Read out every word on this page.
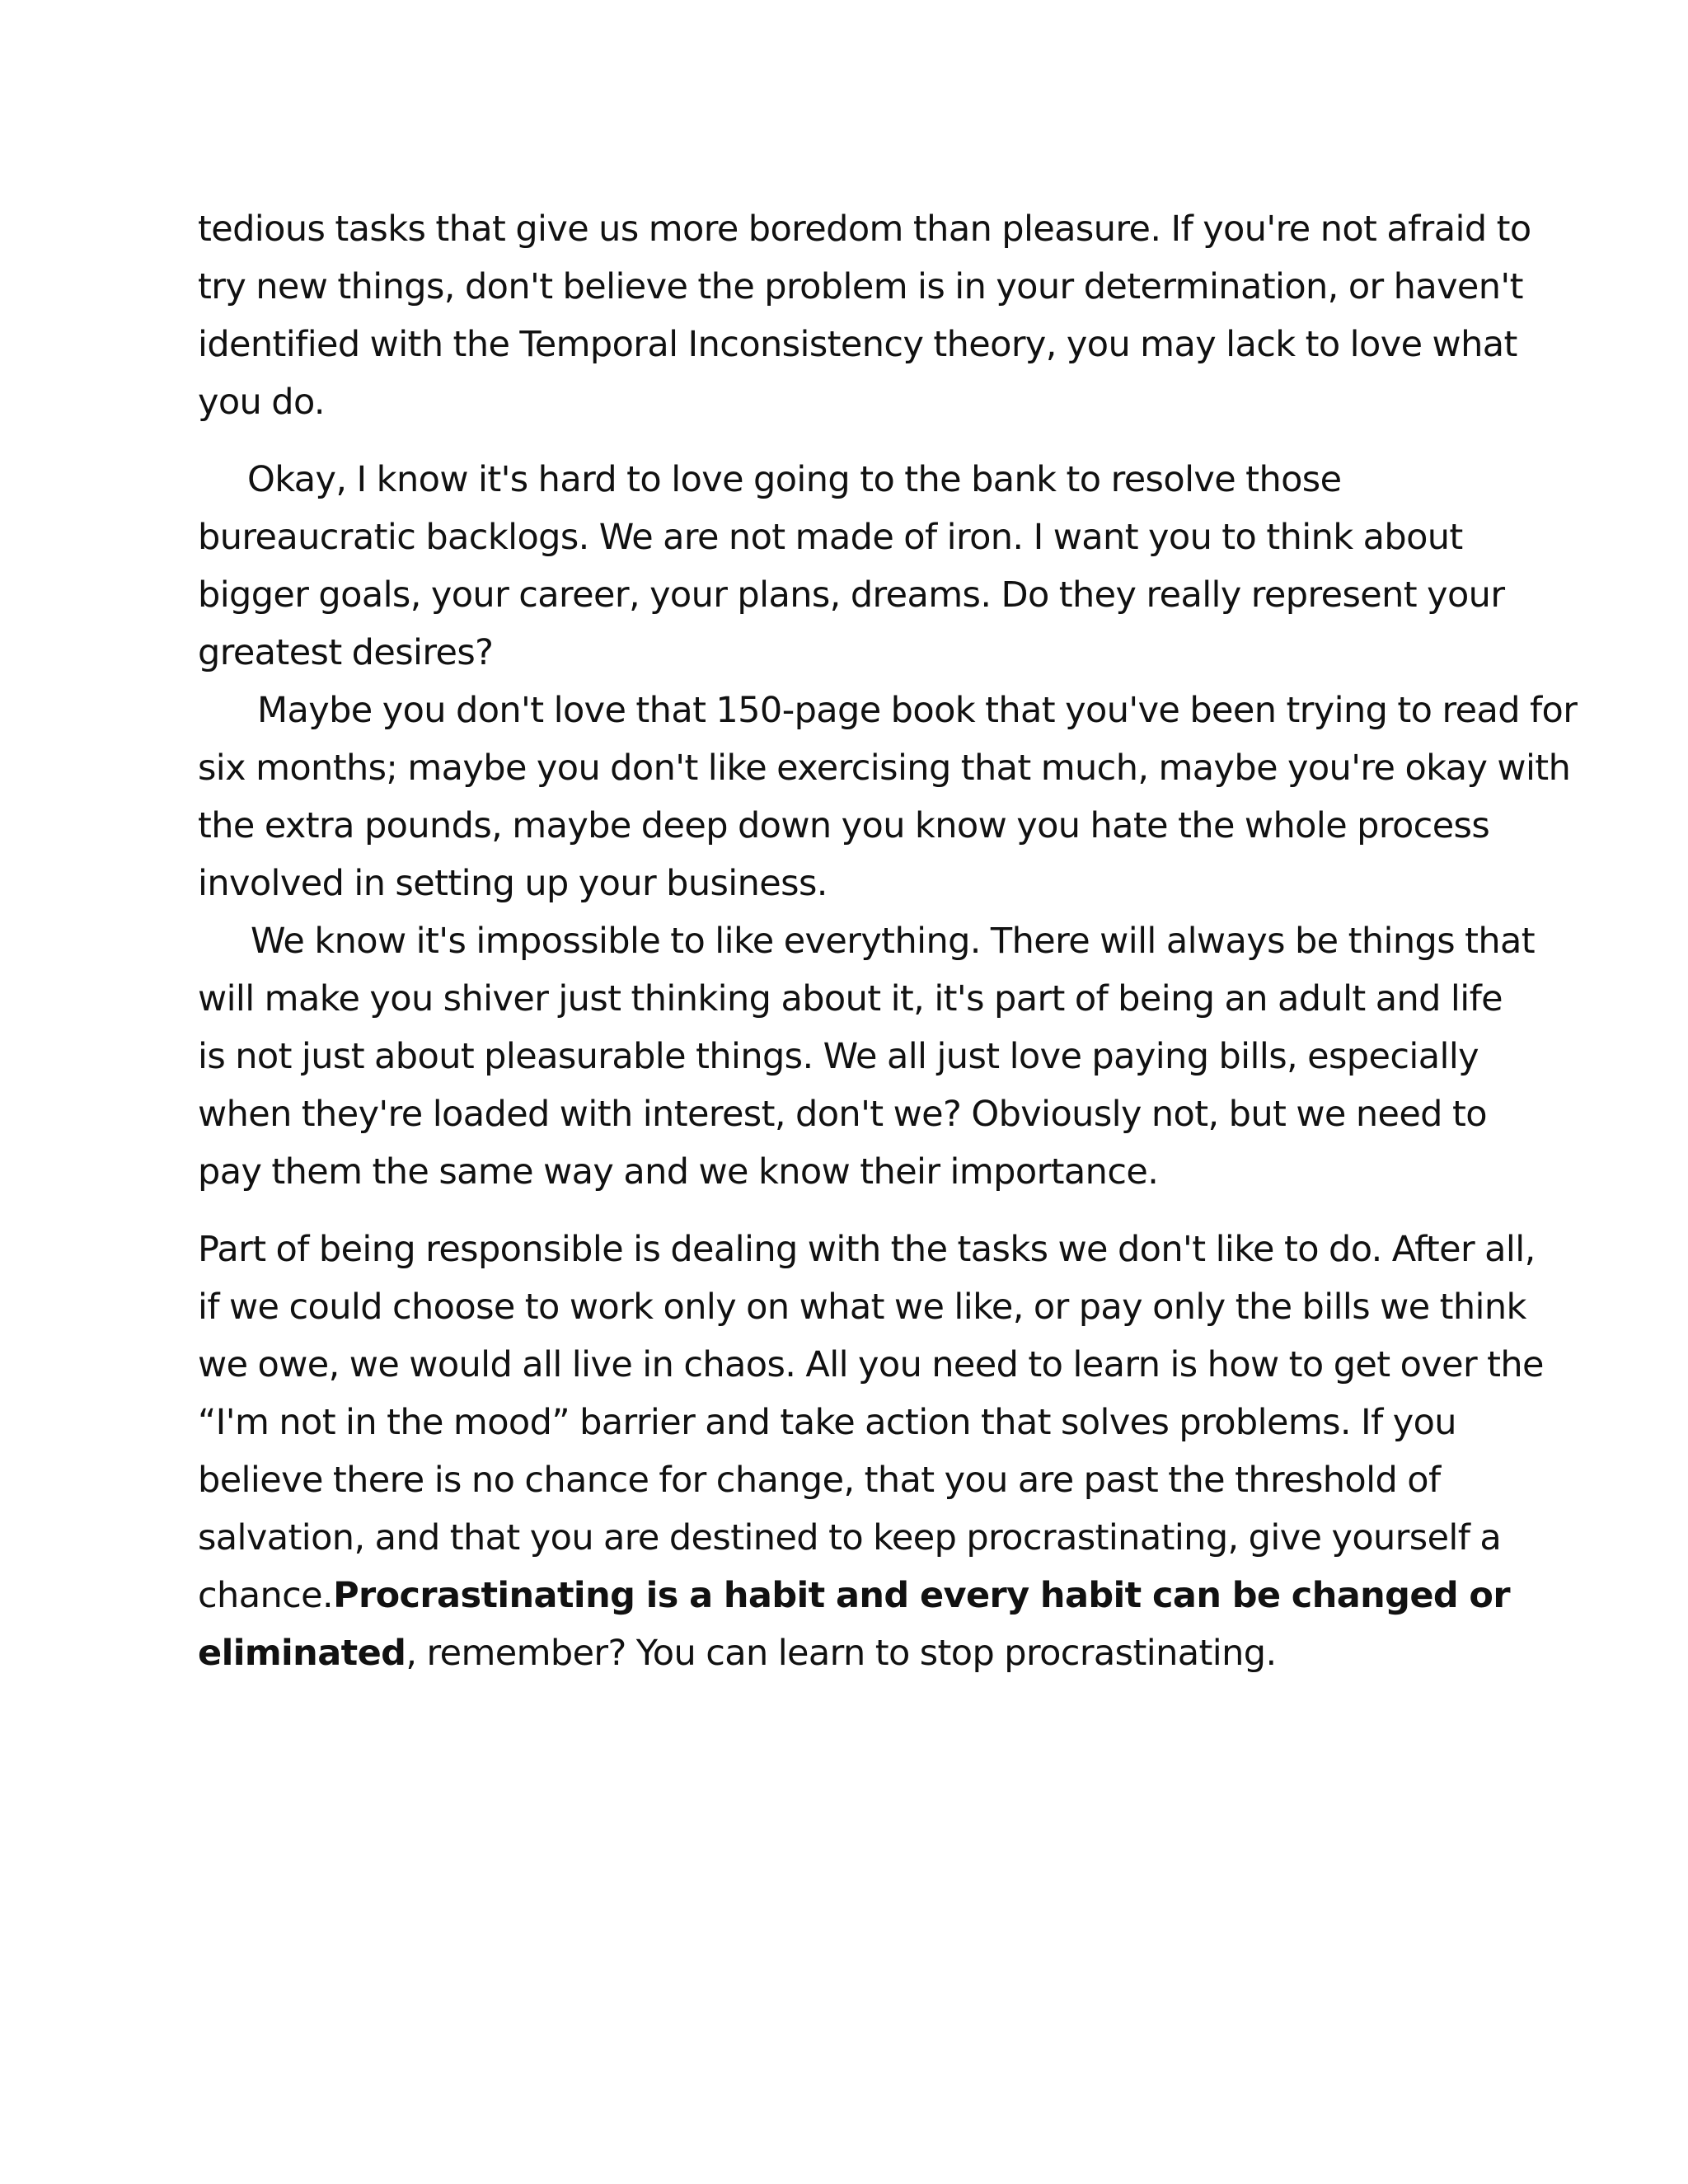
tedious tasks that give us more boredom than pleasure. If you're not afraid to
try new things, don't believe the problem is in your determination, or haven't
identified with the Temporal Inconsistency theory, you may lack to love what
you do.
Okay, I know it's hard to love going to the bank to resolve those
bureaucratic backlogs. We are not made of iron. I want you to think about
bigger goals, your career, your plans, dreams. Do they really represent your
greatest desires?
Maybe you don't love that 150-page book that you've been trying to read for
six months; maybe you don't like exercising that much, maybe you're okay with
the extra pounds, maybe deep down you know you hate the whole process
involved in setting up your business.
We know it's impossible to like everything. There will always be things that
will make you shiver just thinking about it, it's part of being an adult and life
is not just about pleasurable things. We all just love paying bills, especially
when they're loaded with interest, don't we? Obviously not, but we need to
pay them the same way and we know their importance.
Part of being responsible is dealing with the tasks we don't like to do. After all,
if we could choose to work only on what we like, or pay only the bills we think
we owe, we would all live in chaos. All you need to learn is how to get over the
“I'm not in the mood” barrier and take action that solves problems. If you
believe there is no chance for change, that you are past the threshold of
salvation, and that you are destined to keep procrastinating, give yourself a
chance.Procrastinating is a habit and every habit can be changed or
eliminated, remember? You can learn to stop procrastinating.
